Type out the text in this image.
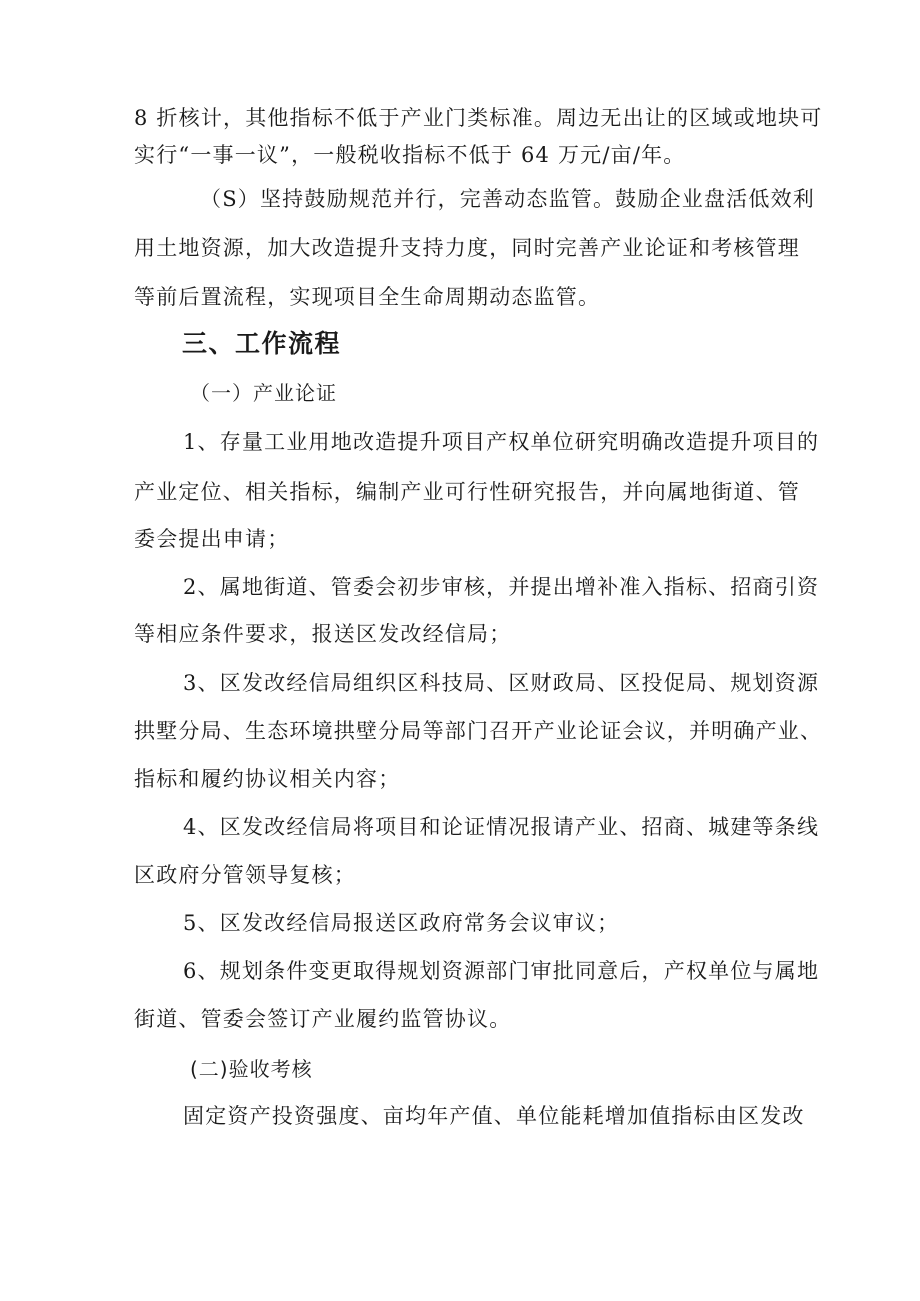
8 折核计，其他指标不低于产业门类标准。周边无出让的区域或地块可
实行“一事一议”，一般税收指标不低于 64 万元/亩/年。
（S）坚持鼓励规范并行，完善动态监管。鼓励企业盘活低效利
用土地资源，加大改造提升支持力度，同时完善产业论证和考核管理
等前后置流程，实现项目全生命周期动态监管。
三、工作流程
（一）产业论证
1、存量工业用地改造提升项目产权单位研究明确改造提升项目的
产业定位、相关指标，编制产业可行性研究报告，并向属地街道、管
委会提出申请；
2、属地街道、管委会初步审核，并提出增补准入指标、招商引资
等相应条件要求，报送区发改经信局；
3、区发改经信局组织区科技局、区财政局、区投促局、规划资源
拱墅分局、生态环境拱壁分局等部门召开产业论证会议，并明确产业、
指标和履约协议相关内容；
4、区发改经信局将项目和论证情况报请产业、招商、城建等条线
区政府分管领导复核；
5、区发改经信局报送区政府常务会议审议；
6、规划条件变更取得规划资源部门审批同意后，产权单位与属地
街道、管委会签订产业履约监管协议。
(二)验收考核
固定资产投资强度、亩均年产值、单位能耗增加值指标由区发改
